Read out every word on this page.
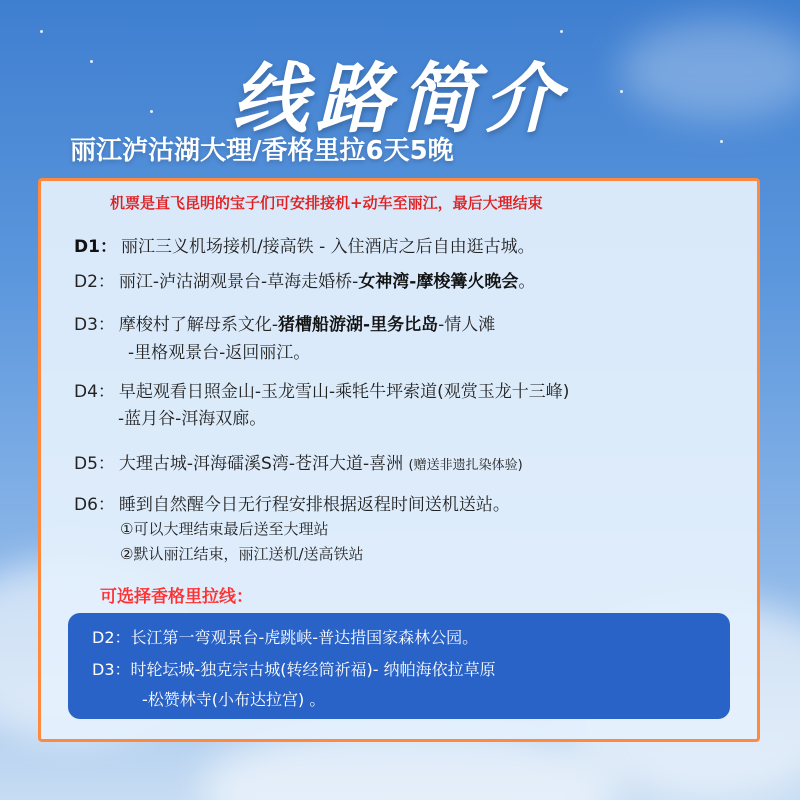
线路简介
丽江泸沽湖大理/香格里拉6天5晚
机票是直飞昆明的宝子们可安排接机+动车至丽江，最后大理结束
D1： 丽江三义机场接机/接高铁 - 入住酒店之后自由逛古城。
D2： 丽江-泸沽湖观景台-草海走婚桥-女神湾-摩梭篝火晚会。
D3： 摩梭村了解母系文化-猪槽船游湖-里务比岛-情人滩
-里格观景台-返回丽江。
D4： 早起观看日照金山-玉龙雪山-乘牦牛坪索道(观赏玉龙十三峰)
-蓝月谷-洱海双廊。
D5： 大理古城-洱海礌溪S湾-苍洱大道-喜洲 (赠送非遗扎染体验)
D6： 睡到自然醒今日无行程安排根据返程时间送机送站。
①可以大理结束最后送至大理站
②默认丽江结束，丽江送机/送高铁站
可选择香格里拉线：
D2：长江第一弯观景台-虎跳峡-普达措国家森林公园。
D3：时轮坛城-独克宗古城(转经筒祈福)- 纳帕海依拉草原
-松赞林寺(小布达拉宫) 。
